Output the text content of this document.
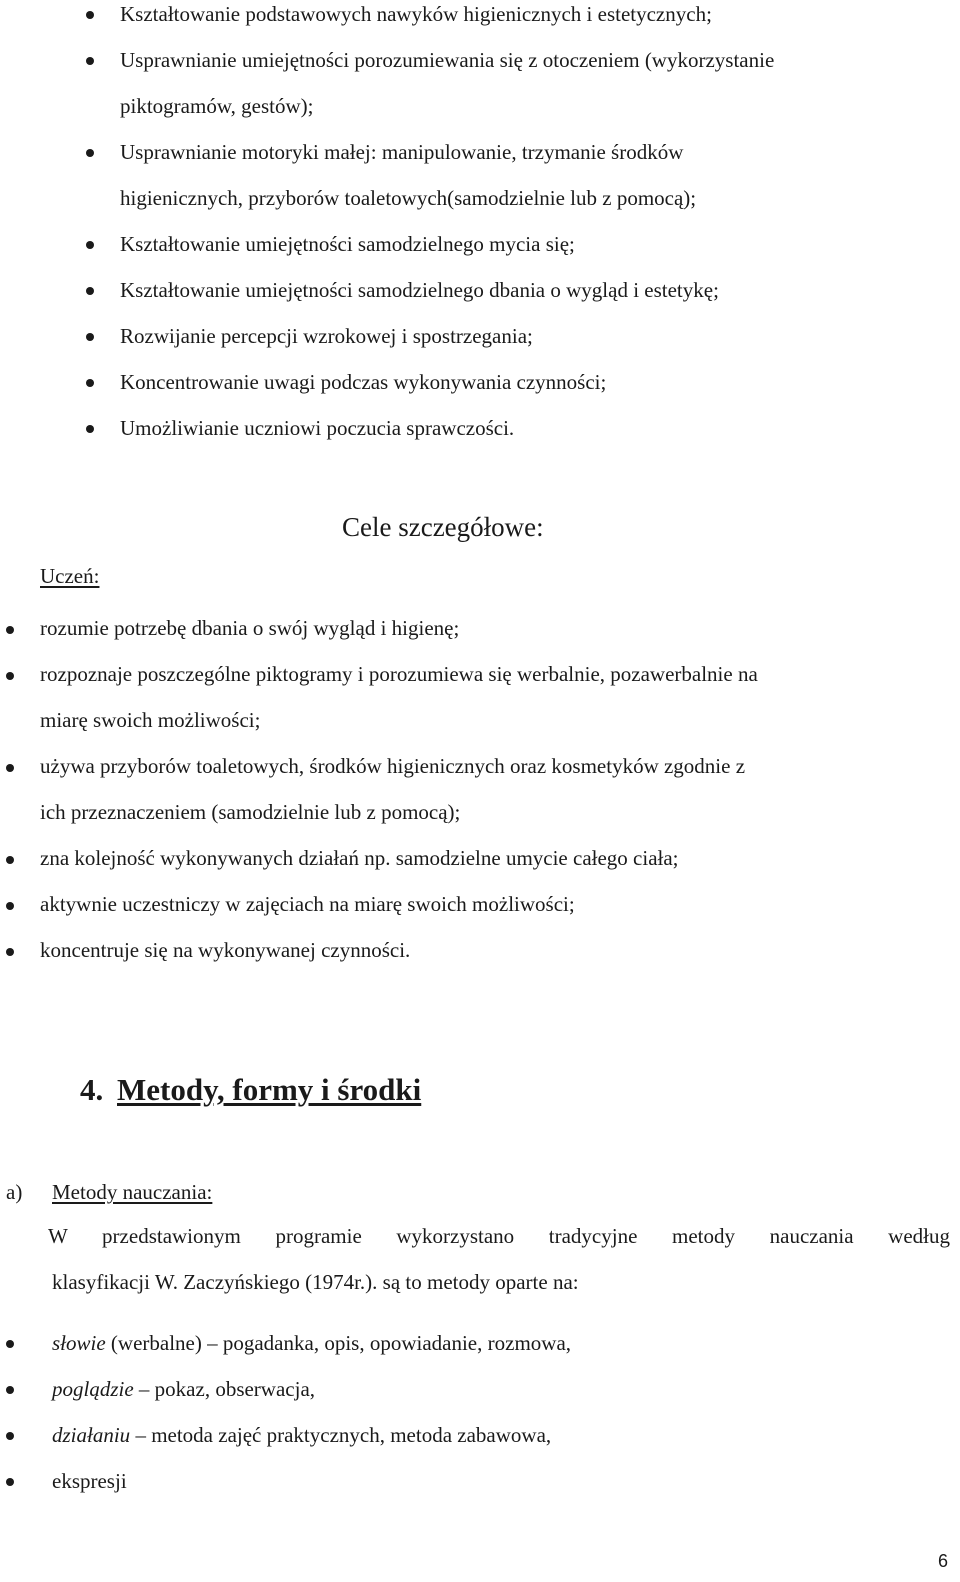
Kształtowanie podstawowych nawyków higienicznych i estetycznych;
Usprawnianie umiejętności porozumiewania się z otoczeniem (wykorzystanie
piktogramów, gestów);
Usprawnianie motoryki małej: manipulowanie, trzymanie środków
higienicznych, przyborów toaletowych(samodzielnie lub z pomocą);
Kształtowanie umiejętności samodzielnego mycia się;
Kształtowanie umiejętności samodzielnego dbania o wygląd i estetykę;
Rozwijanie percepcji wzrokowej i spostrzegania;
Koncentrowanie uwagi podczas wykonywania czynności;
Umożliwianie uczniowi poczucia sprawczości.
Cele szczegółowe:
Uczeń:
rozumie potrzebę dbania o swój wygląd i higienę;
rozpoznaje poszczególne piktogramy i porozumiewa się werbalnie, pozawerbalnie na
miarę swoich możliwości;
używa przyborów toaletowych, środków higienicznych oraz kosmetyków zgodnie z
ich przeznaczeniem (samodzielnie lub z pomocą);
zna kolejność wykonywanych działań np. samodzielne umycie całego ciała;
aktywnie uczestniczy w zajęciach na miarę swoich możliwości;
koncentruje się na wykonywanej czynności.
4. Metody, formy i środki
a) Metody nauczania:
W przedstawionym programie wykorzystano tradycyjne metody nauczania według
klasyfikacji W. Zaczyńskiego (1974r.). są to metody oparte na:
słowie (werbalne) – pogadanka, opis, opowiadanie, rozmowa,
poglądzie – pokaz, obserwacja,
działaniu – metoda zajęć praktycznych, metoda zabawowa,
ekspresji
6
